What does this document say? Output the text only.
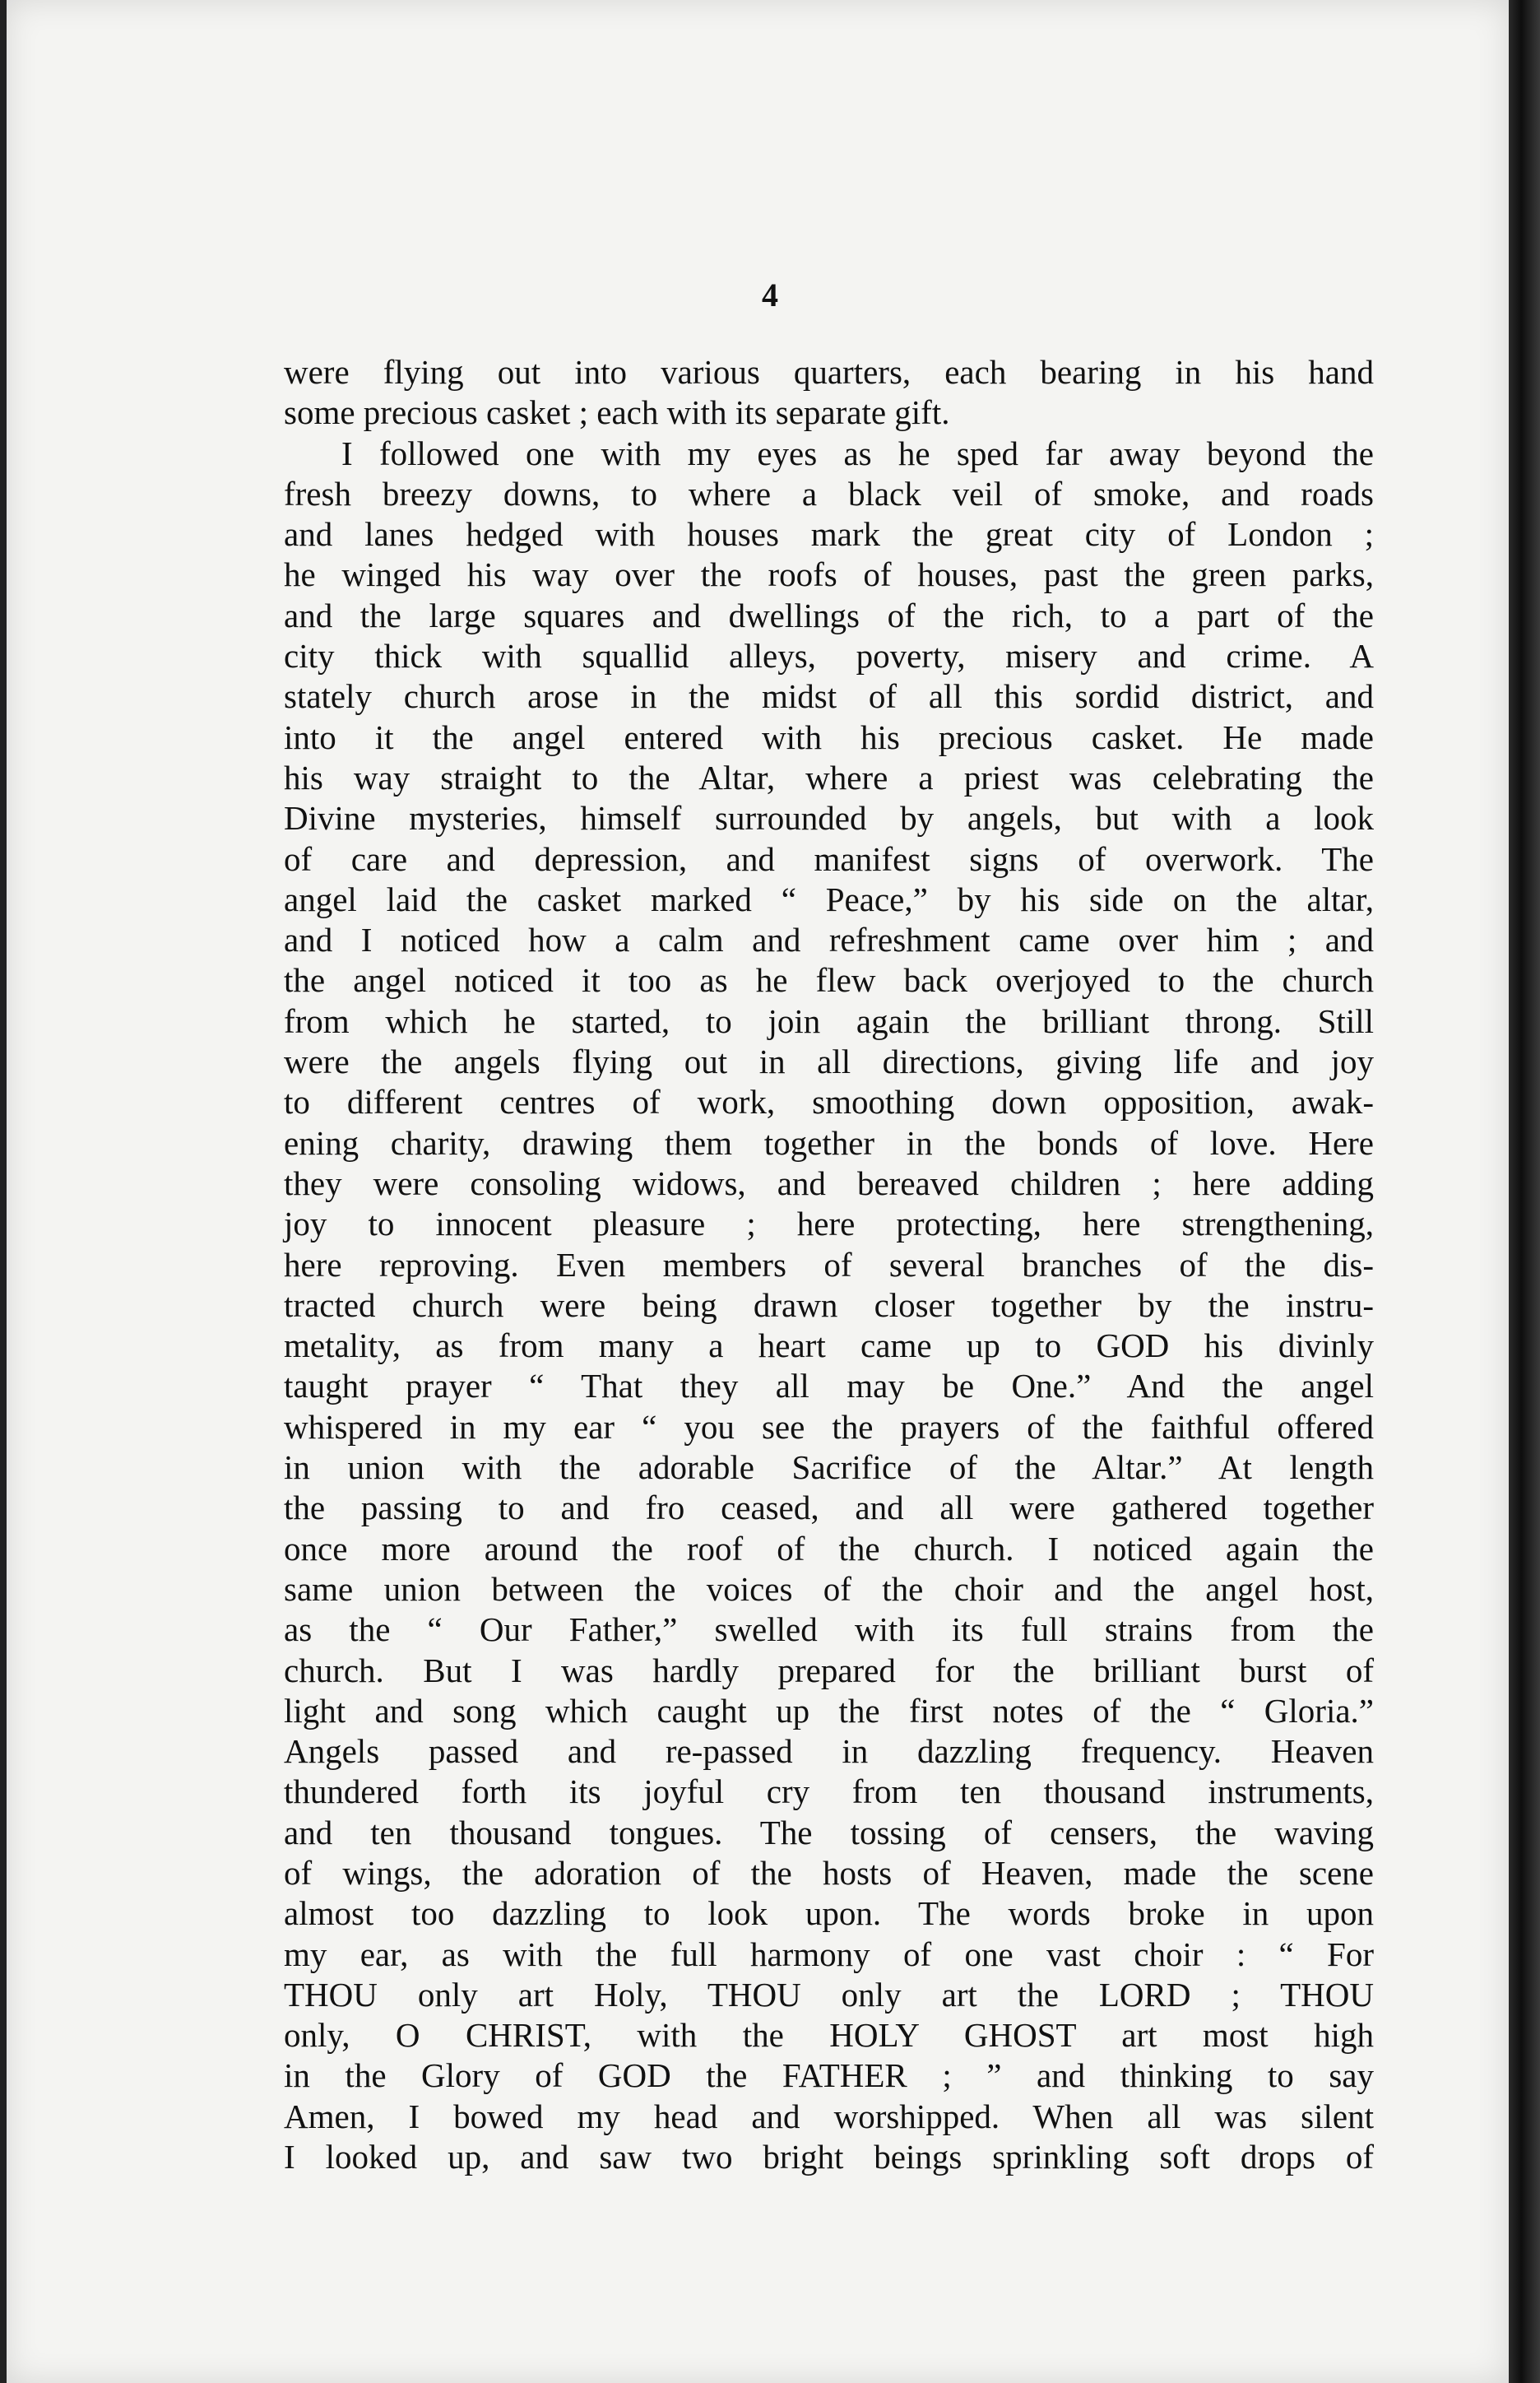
4
were flying out into various quarters, each bearing in his hand
some precious casket ; each with its separate gift.
I followed one with my eyes as he sped far away beyond the
fresh breezy downs, to where a black veil of smoke, and roads
and lanes hedged with houses mark the great city of London ;
he winged his way over the roofs of houses, past the green parks,
and the large squares and dwellings of the rich, to a part of the
city thick with squallid alleys, poverty, misery and crime. A
stately church arose in the midst of all this sordid district, and
into it the angel entered with his precious casket. He made
his way straight to the Altar, where a priest was celebrating the
Divine mysteries, himself surrounded by angels, but with a look
of care and depression, and manifest signs of overwork. The
angel laid the casket marked “ Peace,” by his side on the altar,
and I noticed how a calm and refreshment came over him ; and
the angel noticed it too as he flew back overjoyed to the church
from which he started, to join again the brilliant throng. Still
were the angels flying out in all directions, giving life and joy
to different centres of work, smoothing down opposition, awak-
ening charity, drawing them together in the bonds of love. Here
they were consoling widows, and bereaved children ; here adding
joy to innocent pleasure ; here protecting, here strengthening,
here reproving. Even members of several branches of the dis-
tracted church were being drawn closer together by the instru-
metality, as from many a heart came up to GOD his divinly
taught prayer “ That they all may be One.” And the angel
whispered in my ear “ you see the prayers of the faithful offered
in union with the adorable Sacrifice of the Altar.” At length
the passing to and fro ceased, and all were gathered together
once more around the roof of the church. I noticed again the
same union between the voices of the choir and the angel host,
as the “ Our Father,” swelled with its full strains from the
church. But I was hardly prepared for the brilliant burst of
light and song which caught up the first notes of the “ Gloria.”
Angels passed and re-passed in dazzling frequency. Heaven
thundered forth its joyful cry from ten thousand instruments,
and ten thousand tongues. The tossing of censers, the waving
of wings, the adoration of the hosts of Heaven, made the scene
almost too dazzling to look upon. The words broke in upon
my ear, as with the full harmony of one vast choir : “ For
THOU only art Holy, THOU only art the LORD ; THOU
only, O CHRIST, with the HOLY GHOST art most high
in the Glory of GOD the FATHER ; ” and thinking to say
Amen, I bowed my head and worshipped. When all was silent
I looked up, and saw two bright beings sprinkling soft drops of
